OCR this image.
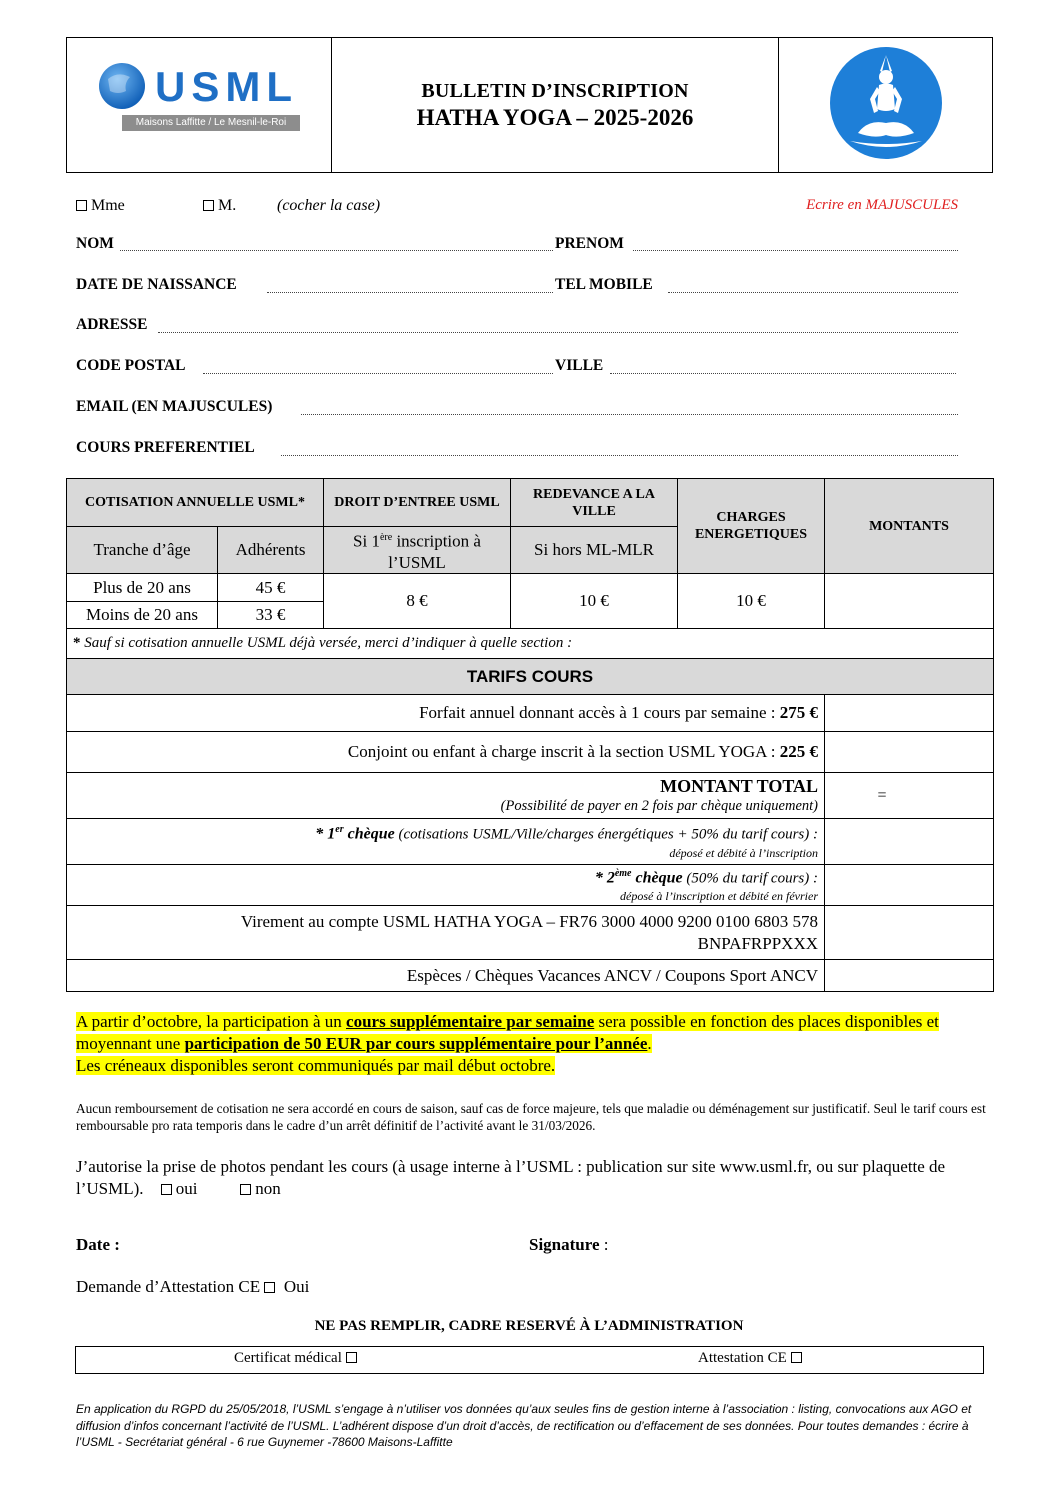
USML
Maisons Laffitte / Le Mesnil-le-Roi
BULLETIN D’INSCRIPTION
HATHA YOGA – 2025-2026
Mme	M.	(cocher la case)	Ecrire en MAJUSCULES
NOM	PRENOM
DATE DE NAISSANCE	TEL MOBILE
ADRESSE
CODE POSTAL	VILLE
EMAIL (EN MAJUSCULES)
COURS PREFERENTIEL
COTISATION ANNUELLE USML*		DROIT D’ENTREE USML	REDEVANCE A LA VILLE	CHARGES ENERGETIQUES	MONTANTS
Tranche d’âge	Adhérents	Si 1ère inscription à l’USML	Si hors ML-MLR		
Plus de 20 ans	45 €	8 €	10 €	10 €	
Moins de 20 ans	33 €				
* Sauf si cotisation annuelle USML déjà versée, merci d’indiquer à quelle section :					
TARIFS COURS					
Forfait annuel donnant accès à 1 cours par semaine : 275 €					
Conjoint ou enfant à charge inscrit à la section USML YOGA : 225 €					

MONTANT TOTAL
(Possibilité de payer en 2 fois par chèque uniquement)					=

* 1er chèque (cotisations USML/Ville/charges énergétiques + 50% du tarif cours) :
déposé et débité à l’inscription					

* 2ème chèque (50% du tarif cours) :
déposé à l’inscription et débité en février					

Virement au compte USML HATHA YOGA – FR76 3000 4000 9200 0100 6803 578
BNPAFRPPXXX					

Espèces / Chèques Vacances ANCV / Coupons Sport ANCV					
A partir d’octobre, la participation à un cours supplémentaire par semaine sera possible en fonction des places disponibles et moyennant une participation de 50 EUR par cours supplémentaire pour l’année.
Les créneaux disponibles seront communiqués par mail début octobre.
Aucun remboursement de cotisation ne sera accordé en cours de saison, sauf cas de force majeure, tels que maladie ou déménagement sur justificatif. Seul le tarif cours est remboursable pro rata temporis dans le cadre d’un arrêt définitif de l’activité avant le 31/03/2026.
J’autorise la prise de photos pendant les cours (à usage interne à l’USML : publication sur site www.usml.fr, ou sur plaquette de l’USML). oui	non
Date :	Signature :
Demande d’Attestation CE Oui
NE PAS REMPLIR, CADRE RESERVÉ À L’ADMINISTRATION
Certificat médical	Attestation CE
En application du RGPD du 25/05/2018, l’USML s’engage à n’utiliser vos données qu’aux seules fins de gestion interne à l’association : listing, convocations aux AGO et diffusion d’infos concernant l’activité de l’USML. L’adhérent dispose d’un droit d’accès, de rectification ou d’effacement de ses données. Pour toutes demandes : écrire à l’USML - Secrétariat général - 6 rue Guynemer -78600 Maisons-Laffitte
